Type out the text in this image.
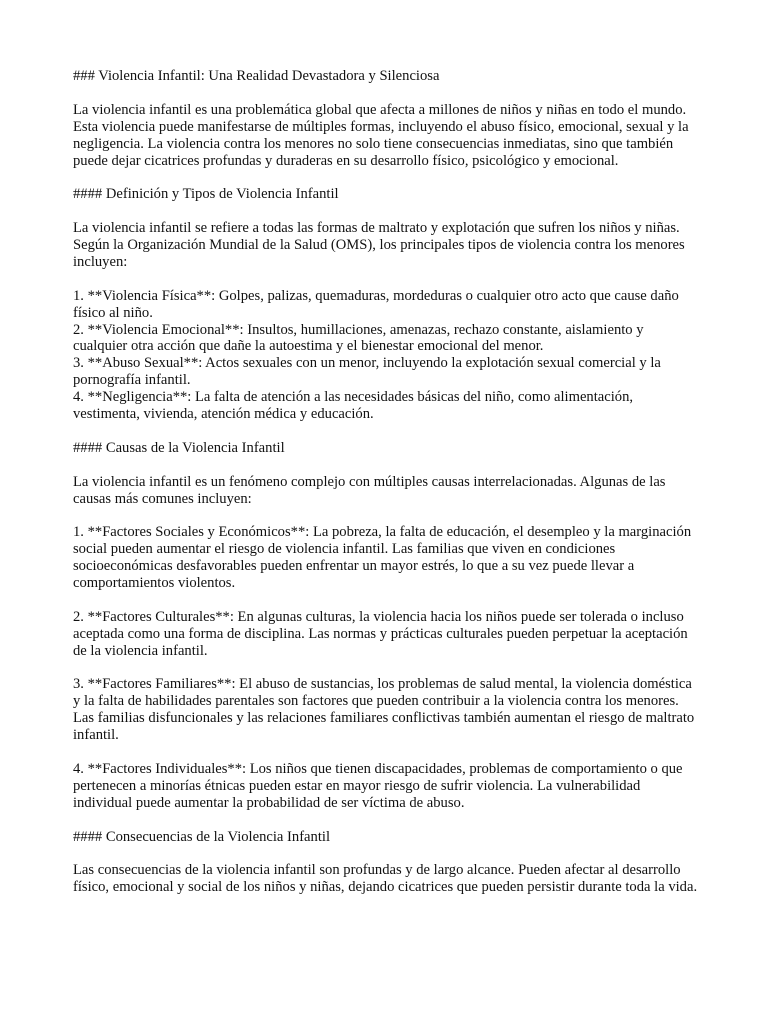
### Violencia Infantil: Una Realidad Devastadora y Silenciosa

La violencia infantil es una problemática global que afecta a millones de niños y niñas en todo el mundo. Esta violencia puede manifestarse de múltiples formas, incluyendo el abuso físico, emocional, sexual y la negligencia. La violencia contra los menores no solo tiene consecuencias inmediatas, sino que también puede dejar cicatrices profundas y duraderas en su desarrollo físico, psicológico y emocional.

#### Definición y Tipos de Violencia Infantil

La violencia infantil se refiere a todas las formas de maltrato y explotación que sufren los niños y niñas. Según la Organización Mundial de la Salud (OMS), los principales tipos de violencia contra los menores incluyen:

1. **Violencia Física**: Golpes, palizas, quemaduras, mordeduras o cualquier otro acto que cause daño físico al niño.

2. **Violencia Emocional**: Insultos, humillaciones, amenazas, rechazo constante, aislamiento y cualquier otra acción que dañe la autoestima y el bienestar emocional del menor.

3. **Abuso Sexual**: Actos sexuales con un menor, incluyendo la explotación sexual comercial y la pornografía infantil.

4. **Negligencia**: La falta de atención a las necesidades básicas del niño, como alimentación, vestimenta, vivienda, atención médica y educación.

#### Causas de la Violencia Infantil

La violencia infantil es un fenómeno complejo con múltiples causas interrelacionadas. Algunas de las causas más comunes incluyen:

1. **Factores Sociales y Económicos**: La pobreza, la falta de educación, el desempleo y la marginación social pueden aumentar el riesgo de violencia infantil. Las familias que viven en condiciones socioeconómicas desfavorables pueden enfrentar un mayor estrés, lo que a su vez puede llevar a comportamientos violentos.

2. **Factores Culturales**: En algunas culturas, la violencia hacia los niños puede ser tolerada o incluso aceptada como una forma de disciplina. Las normas y prácticas culturales pueden perpetuar la aceptación de la violencia infantil.

3. **Factores Familiares**: El abuso de sustancias, los problemas de salud mental, la violencia doméstica y la falta de habilidades parentales son factores que pueden contribuir a la violencia contra los menores. Las familias disfuncionales y las relaciones familiares conflictivas también aumentan el riesgo de maltrato infantil.

4. **Factores Individuales**: Los niños que tienen discapacidades, problemas de comportamiento o que pertenecen a minorías étnicas pueden estar en mayor riesgo de sufrir violencia. La vulnerabilidad individual puede aumentar la probabilidad de ser víctima de abuso.

#### Consecuencias de la Violencia Infantil

Las consecuencias de la violencia infantil son profundas y de largo alcance. Pueden afectar al desarrollo físico, emocional y social de los niños y niñas, dejando cicatrices que pueden persistir durante toda la vida.
